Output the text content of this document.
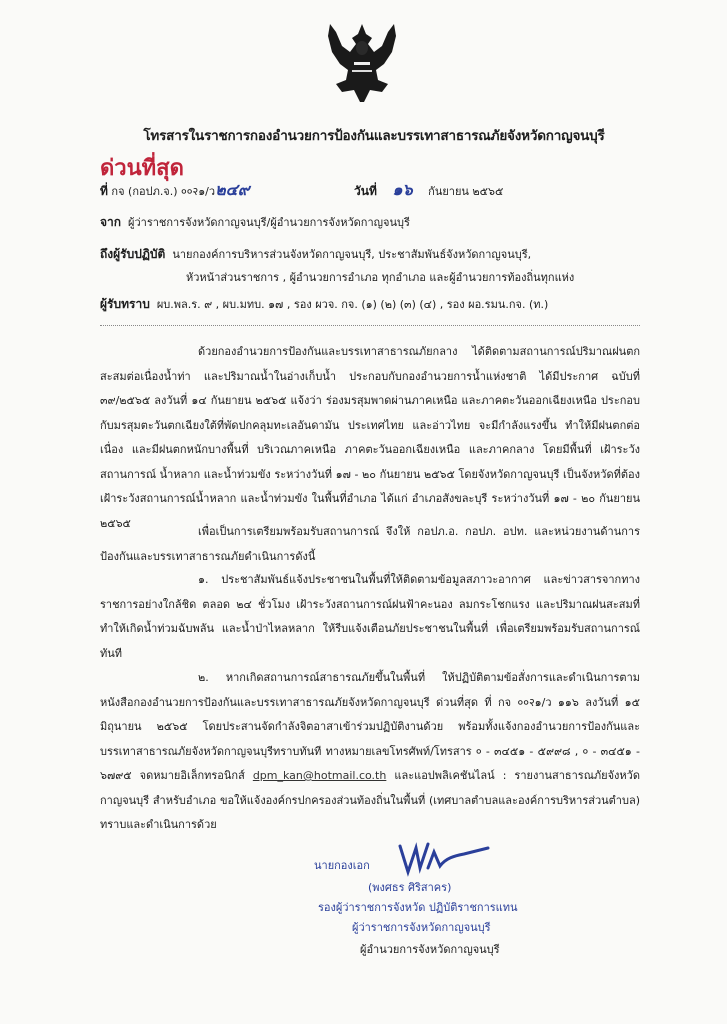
โทรสารในราชการกองอำนวยการป้องกันและบรรเทาสาธารณภัยจังหวัดกาญจนบุรี
ด่วนที่สุด
ที่ กจ (กอปภ.จ.) ००२๑/ว๒๔๙	วันที่ ๑๖ กันยายน ๒๕๖๕
จาก ผู้ว่าราชการจังหวัดกาญจนบุรี/ผู้อำนวยการจังหวัดกาญจนบุรี
ถึงผู้รับปฏิบัติ นายกองค์การบริหารส่วนจังหวัดกาญจนบุรี, ประชาสัมพันธ์จังหวัดกาญจนบุรี,
หัวหน้าส่วนราชการ , ผู้อำนวยการอำเภอ ทุกอำเภอ และผู้อำนวยการท้องถิ่นทุกแห่ง
ผู้รับทราบ ผบ.พล.ร. ๙ , ผบ.มทบ. ๑๗ , รอง ผวจ. กจ. (๑) (๒) (๓) (๔) , รอง ผอ.รมน.กจ. (ท.)
ด้วยกองอำนวยการป้องกันและบรรเทาสาธารณภัยกลาง ได้ติดตามสถานการณ์ปริมาณฝนตกสะสมต่อเนื่องน้ำท่า และปริมาณน้ำในอ่างเก็บน้ำ ประกอบกับกองอำนวยการน้ำแห่งชาติ ได้มีประกาศ ฉบับที่ ๓๙/๒๕๖๕ ลงวันที่ ๑๔ กันยายน ๒๕๖๕ แจ้งว่า ร่องมรสุมพาดผ่านภาคเหนือ และภาคตะวันออกเฉียงเหนือ ประกอบกับมรสุมตะวันตกเฉียงใต้ที่พัดปกคลุมทะเลอันดามัน ประเทศไทย และอ่าวไทย จะมีกำลังแรงขึ้น ทำให้มีฝนตกต่อเนื่อง และมีฝนตกหนักบางพื้นที่ บริเวณภาคเหนือ ภาคตะวันออกเฉียงเหนือ และภาคกลาง โดยมีพื้นที่ เฝ้าระวังสถานการณ์ น้ำหลาก และน้ำท่วมขัง ระหว่างวันที่ ๑๗ - ๒๐ กันยายน ๒๕๖๕ โดยจังหวัดกาญจนบุรี เป็นจังหวัดที่ต้องเฝ้าระวังสถานการณ์น้ำหลาก และน้ำท่วมขัง ในพื้นที่อำเภอ ได้แก่ อำเภอสังขละบุรี ระหว่างวันที่ ๑๗ - ๒๐ กันยายน ๒๕๖๕
เพื่อเป็นการเตรียมพร้อมรับสถานการณ์ จึงให้ กอปภ.อ. กอปภ. อปท. และหน่วยงานด้านการป้องกันและบรรเทาสาธารณภัยดำเนินการดังนี้
๑. ประชาสัมพันธ์แจ้งประชาชนในพื้นที่ให้ติดตามข้อมูลสภาวะอากาศ และข่าวสารจากทางราชการอย่างใกล้ชิด ตลอด ๒๔ ชั่วโมง เฝ้าระวังสถานการณ์ฝนฟ้าคะนอง ลมกระโชกแรง และปริมาณฝนสะสมที่ทำให้เกิดน้ำท่วมฉับพลัน และน้ำป่าไหลหลาก ให้รีบแจ้งเตือนภัยประชาชนในพื้นที่ เพื่อเตรียมพร้อมรับสถานการณ์ทันที
๒. หากเกิดสถานการณ์สาธารณภัยขึ้นในพื้นที่ ให้ปฏิบัติตามข้อสั่งการและดำเนินการตามหนังสือกองอำนวยการป้องกันและบรรเทาสาธารณภัยจังหวัดกาญจนบุรี ด่วนที่สุด ที่ กจ ००२๑/ว ๑๑๖ ลงวันที่ ๑๕ มิถุนายน ๒๕๖๕ โดยประสานจัดกำลังจิตอาสาเข้าร่วมปฏิบัติงานด้วย พร้อมทั้งแจ้งกองอำนวยการป้องกันและบรรเทาสาธารณภัยจังหวัดกาญจนบุรีทราบทันที ทางหมายเลขโทรศัพท์/โทรสาร ० - ๓๔๕๑ - ๕๙๙๘ , ० - ๓๔๕๑ - ๖๗๙๕ จดหมายอิเล็กทรอนิกส์ dpm_kan@hotmail.co.th และแอปพลิเคชันไลน์ : รายงานสาธารณภัยจังหวัดกาญจนบุรี สำหรับอำเภอ ขอให้แจ้งองค์กรปกครองส่วนท้องถิ่นในพื้นที่ (เทศบาลตำบลและองค์การบริหารส่วนตำบล) ทราบและดำเนินการด้วย
นายกองเอก
(พงศธร ศิริสาคร)
รองผู้ว่าราชการจังหวัด ปฏิบัติราชการแทน
ผู้ว่าราชการจังหวัดกาญจนบุรี
ผู้อำนวยการจังหวัดกาญจนบุรี
